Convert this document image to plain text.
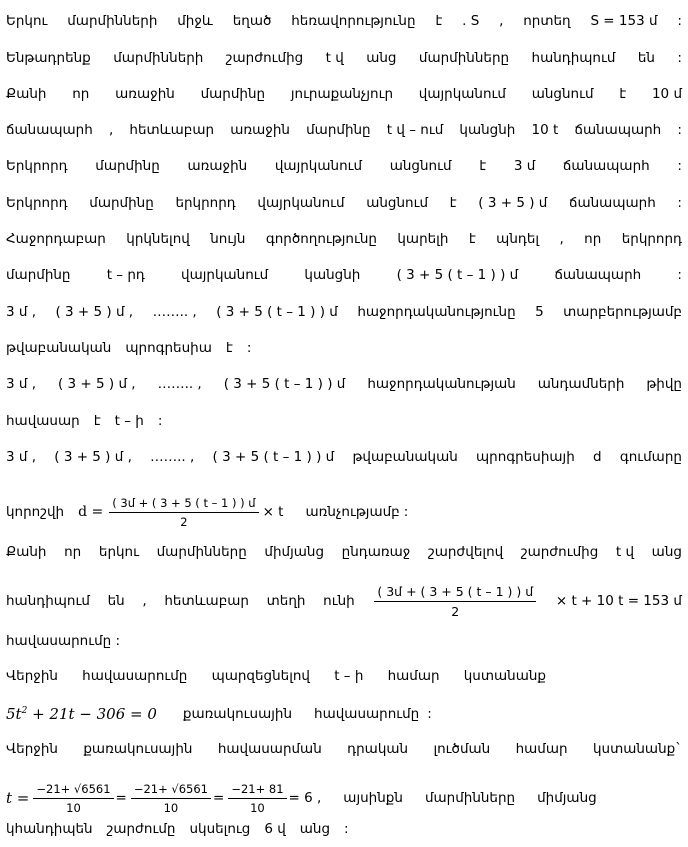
Երկու մարմինների միջև եղած հեռավորությունը է . S , որտեղ S = 153 մ :
Ենթադրենք մարմինների շարժումից t վ անց մարմինները հանդիպում են :
Քանի որ առաջին մարմինը յուրաքանչյուր վայրկանում անցնում է 10 մ
ճանապարհ , հետևաբար առաջին մարմինը t վ – ում կանցնի 10 t ճանապարհ :
Երկրորդ մարմինը առաջին վայրկանում անցնում է 3 մ ճանապարհ :
Երկրորդ մարմինը երկրորդ վայրկանում անցնում է ( 3 + 5 ) մ ճանապարհ :
Հաջորդաբար կրկնելով նույն գործողությունը կարելի է պնդել , որ երկրորդ
մարմինը	t – րդ	վայրկանում	կանցնի	( 3 + 5 ( t – 1 ) ) մ	ճանապարհ	:
3 մ , ( 3 + 5 ) մ , …….. , ( 3 + 5 ( t – 1 ) ) մ հաջորդականությունը 5 տարբերությամբ
թվաբանական պրոգրեսիա է :
3 մ , ( 3 + 5 ) մ , …….. , ( 3 + 5 ( t – 1 ) ) մ հաջորդականության անդամների թիվը
հավասար է t – ի :
3 մ , ( 3 + 5 ) մ , …….. , ( 3 + 5 ( t – 1 ) ) մ թվաբանական պրոգրեսիայի d գումարը
կորոշվի $d = \frac{\text{( 3մ + ( 3 + 5 ( t – 1 ) ) մ}}{2} \times t$ առնչությամբ :
Քանի որ երկու մարմինները միմյանց ընդառաջ շարժվելով շարժումից t վ անց
հանդիպում են , հետևաբար տեղի ունի $\frac{\text{( 3մ + ( 3 + 5 ( t – 1 ) ) մ}}{2} \times t + 10$ t = 153 մ
հավասարումը :
Վերջին հավասարումը պարզեցնելով t – ի համար կստանանք
$5t^2 + 21t - 306 = 0$ քառակուսային հավասարումը :
Վերջին քառակուսային հավասարման դրական լուծման համար կստանանք`
$t = \frac{-21+ √6561}{10} = \frac{-21+ √6561}{10} = \frac{-21+ 81}{10} = 6$ , այսինքն մարմինները միմյանց
կհանդիպեն շարժումը սկսելուց 6 վ անց :
